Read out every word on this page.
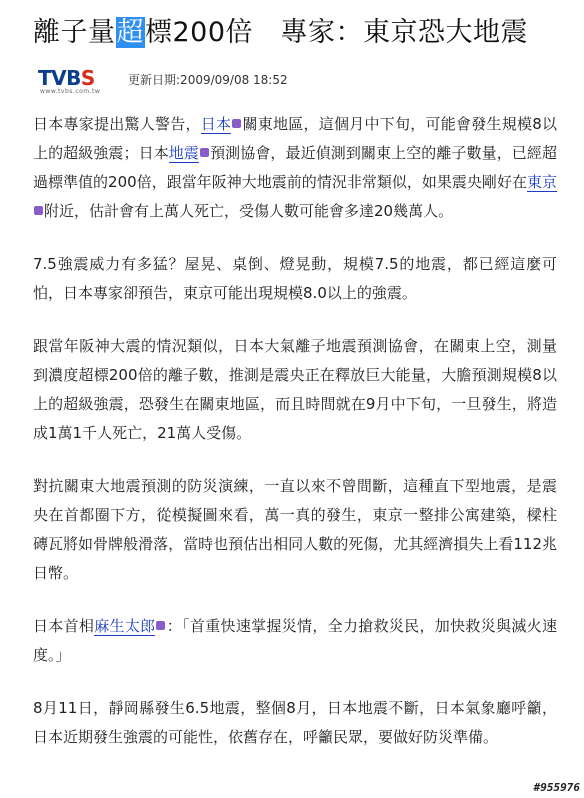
離子量超標200倍　專家：東京恐大地震
TVBS
www.tvbs.com.tw
更新日期:2009/09/08 18:52

日本專家提出驚人警告，日本 關東地區，這個月中下旬，可能會發生規模8以上的超級強震；日本地震 預測協會，最近偵測到關東上空的離子數量，已經超過標準值的200倍，跟當年阪神大地震前的情況非常類似，如果震央剛好在東京附近，估計會有上萬人死亡，受傷人數可能會多達20幾萬人。

7.5強震威力有多猛？屋晃、桌倒、燈晃動，規模7.5的地震，都已經這麼可怕，日本專家卻預告，東京可能出現規模8.0以上的強震。

跟當年阪神大震的情況類似，日本大氣離子地震預測協會，在關東上空，測量到濃度超標200倍的離子數，推測是震央正在釋放巨大能量，大膽預測規模8以上的超級強震，恐發生在關東地區，而且時間就在9月中下旬，一旦發生，將造成1萬1千人死亡，21萬人受傷。

對抗關東大地震預測的防災演練，一直以來不曾間斷，這種直下型地震，是震央在首都圈下方，從模擬圖來看，萬一真的發生，東京一整排公寓建築，樑柱磚瓦將如骨牌般滑落，當時也預估出相同人數的死傷，尤其經濟損失上看112兆日幣。

日本首相麻生太郎 ：「首重快速掌握災情，全力搶救災民，加快救災與滅火速度。」

8月11日，靜岡縣發生6.5地震，整個8月，日本地震不斷，日本氣象廳呼籲，日本近期發生強震的可能性，依舊存在，呼籲民眾，要做好防災準備。

#955976
